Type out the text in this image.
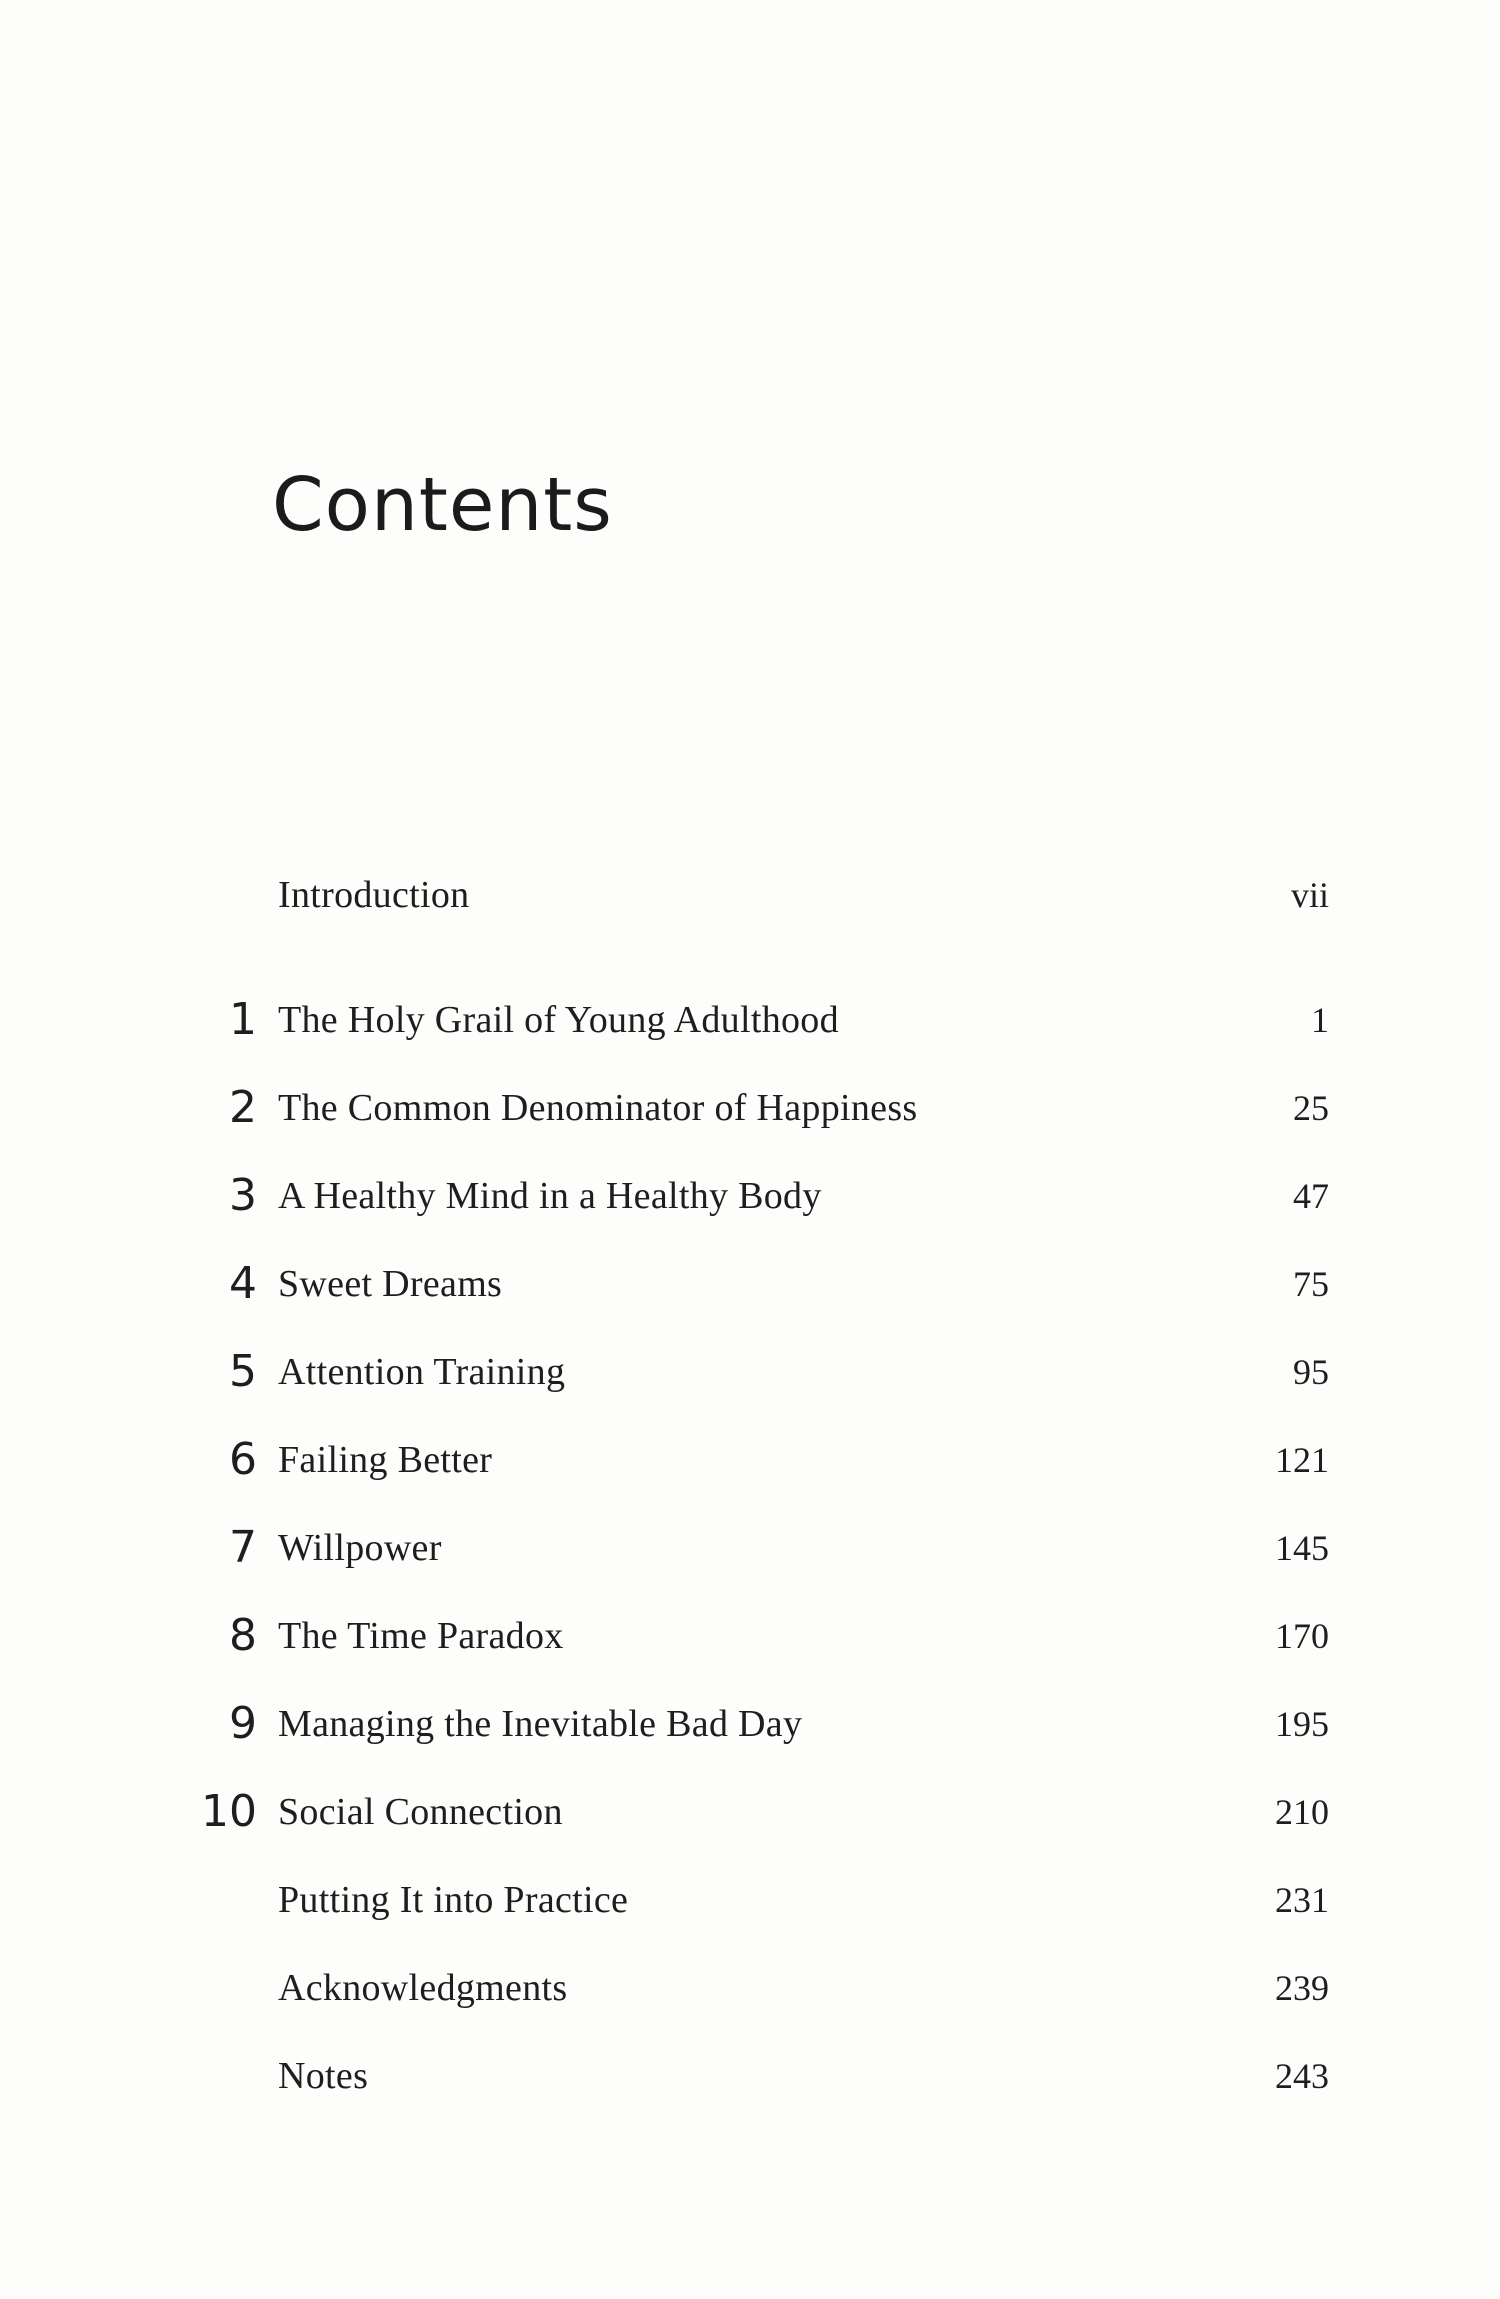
Contents
Introduction	vii
1 The Holy Grail of Young Adulthood	1
2 The Common Denominator of Happiness	25
3 A Healthy Mind in a Healthy Body	47
4 Sweet Dreams	75
5 Attention Training	95
6 Failing Better	121
7 Willpower	145
8 The Time Paradox	170
9 Managing the Inevitable Bad Day	195
10 Social Connection	210
Putting It into Practice	231
Acknowledgments	239
Notes	243
